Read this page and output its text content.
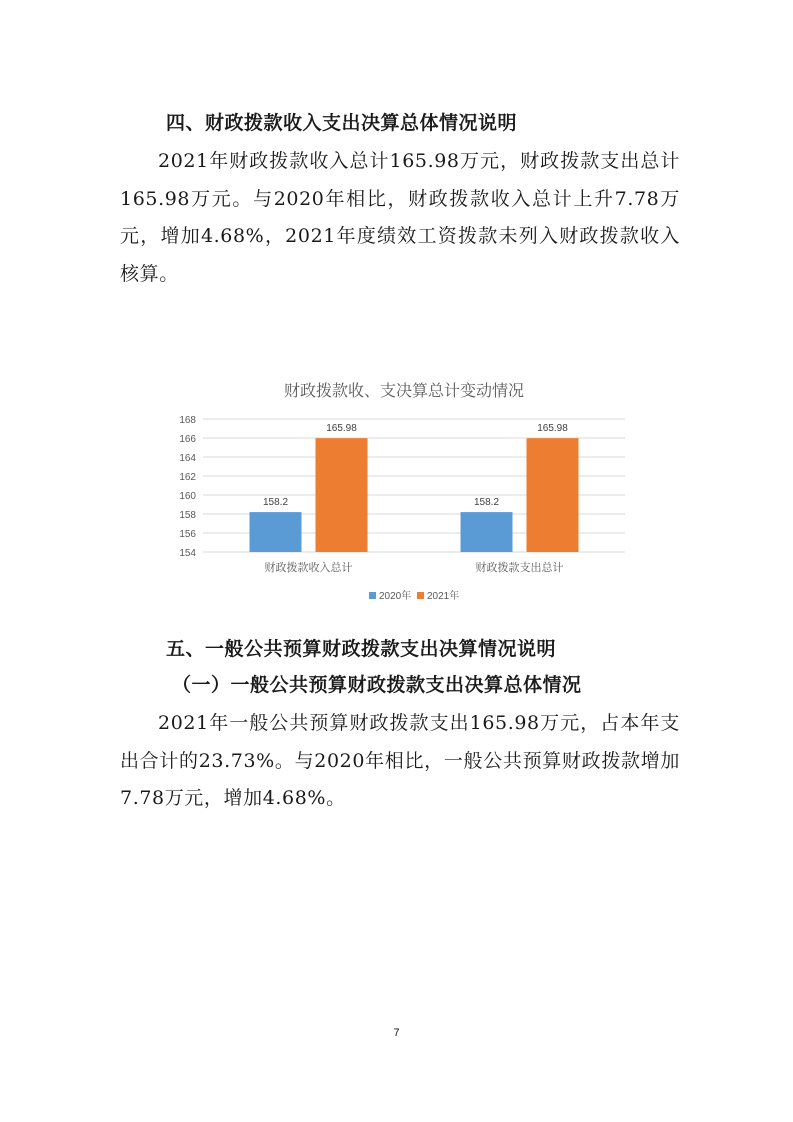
四、财政拨款收入支出决算总体情况说明
2021年财政拨款收入总计165.98万元，财政拨款支出总计165.98万元。与2020年相比，财政拨款收入总计上升7.78万元，增加4.68%，2021年度绩效工资拨款未列入财政拨款收入核算。
财政拨款收、支决算总计变动情况
154
156
158
160
162
164
166
168
158.2
165.98
财政拨款收入总计
158.2
165.98
财政拨款支出总计
2020年 2021年
五、一般公共预算财政拨款支出决算情况说明
（一）一般公共预算财政拨款支出决算总体情况
2021年一般公共预算财政拨款支出165.98万元，占本年支出合计的23.73%。与2020年相比，一般公共预算财政拨款增加7.78万元，增加4.68%。
7
